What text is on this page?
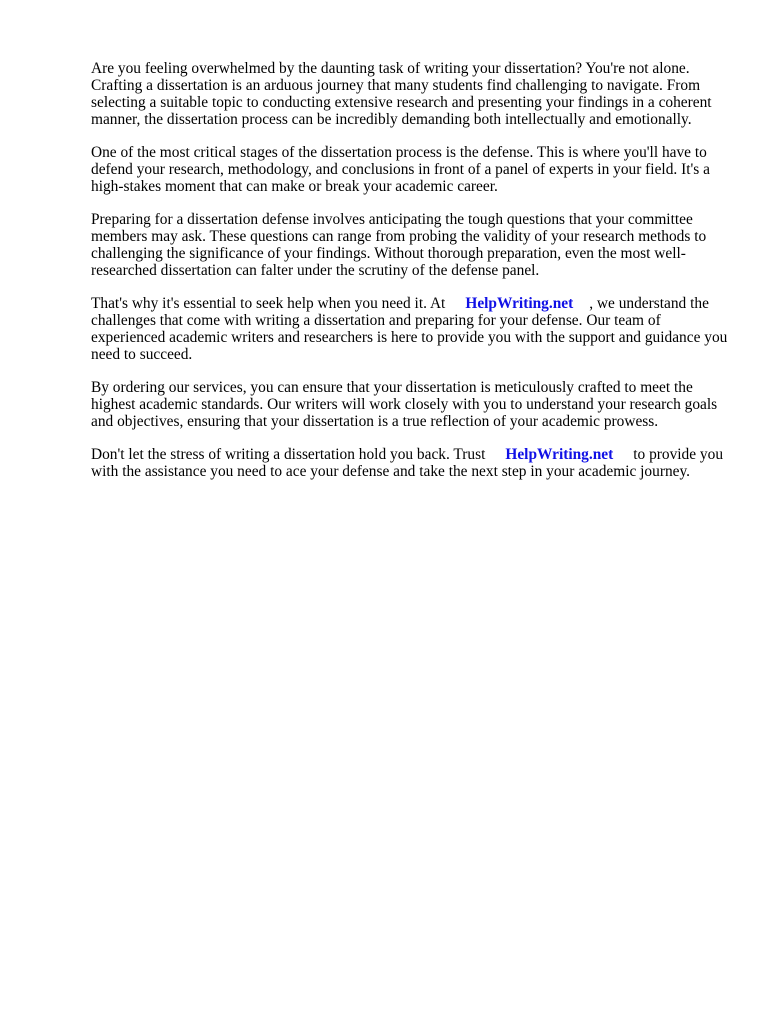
Are you feeling overwhelmed by the daunting task of writing your dissertation? You're not alone. Crafting a dissertation is an arduous journey that many students find challenging to navigate. From selecting a suitable topic to conducting extensive research and presenting your findings in a coherent manner, the dissertation process can be incredibly demanding both intellectually and emotionally.

One of the most critical stages of the dissertation process is the defense. This is where you'll have to defend your research, methodology, and conclusions in front of a panel of experts in your field. It's a high-stakes moment that can make or break your academic career.

Preparing for a dissertation defense involves anticipating the tough questions that your committee members may ask. These questions can range from probing the validity of your research methods to challenging the significance of your findings. Without thorough preparation, even the most well-researched dissertation can falter under the scrutiny of the defense panel.

That's why it's essential to seek help when you need it. At HelpWriting.net , we understand the challenges that come with writing a dissertation and preparing for your defense. Our team of experienced academic writers and researchers is here to provide you with the support and guidance you need to succeed.

By ordering our services, you can ensure that your dissertation is meticulously crafted to meet the highest academic standards. Our writers will work closely with you to understand your research goals and objectives, ensuring that your dissertation is a true reflection of your academic prowess.

Don't let the stress of writing a dissertation hold you back. Trust HelpWriting.net to provide you with the assistance you need to ace your defense and take the next step in your academic journey.
